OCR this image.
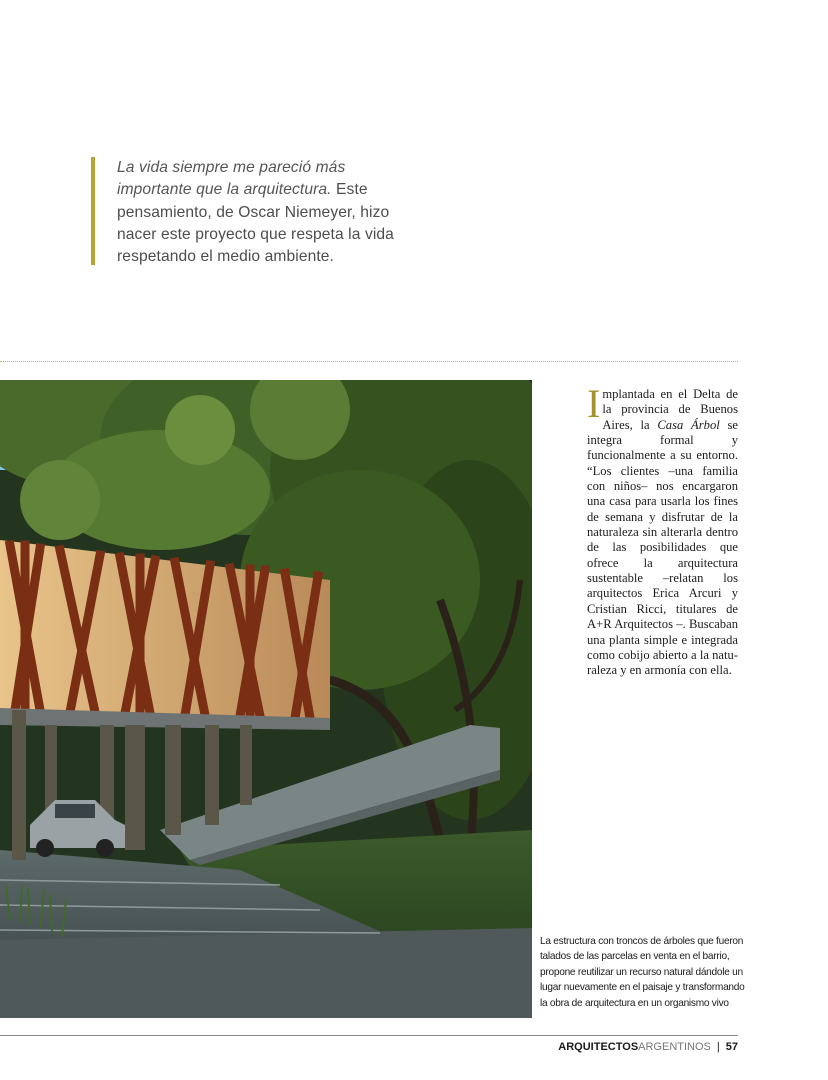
La vida siempre me pareció más importante que la arquitectura. Este pensamiento, de Oscar Niemeyer, hizo nacer este proyecto que respeta la vida respetando el medio ambiente.

Implantada en el Delta de la provincia de Buenos Aires, la Casa Árbol se integra formal y funcionalmente a su entorno. “Los clientes –una familia con niños– nos encargaron una casa para usarla los fines de semana y disfrutar de la naturaleza sin alterarla dentro de las posibilidades que ofrece la arquitectura sustentable –relatan los arquitectos Erica Arcuri y Cristian Ricci, titulares de A+R Arquitectos –. Buscaban una planta simple e integrada como cobijo abierto a la naturaleza y en armonía con ella.

La estructura con troncos de árboles que fueron talados de las parcelas en venta en el barrio, propone reutilizar un recurso natural dándole un lugar nuevamente en el paisaje y transformando la obra de arquitectura en un organismo vivo
ARQUITECTOSARGENTINOS | 57
